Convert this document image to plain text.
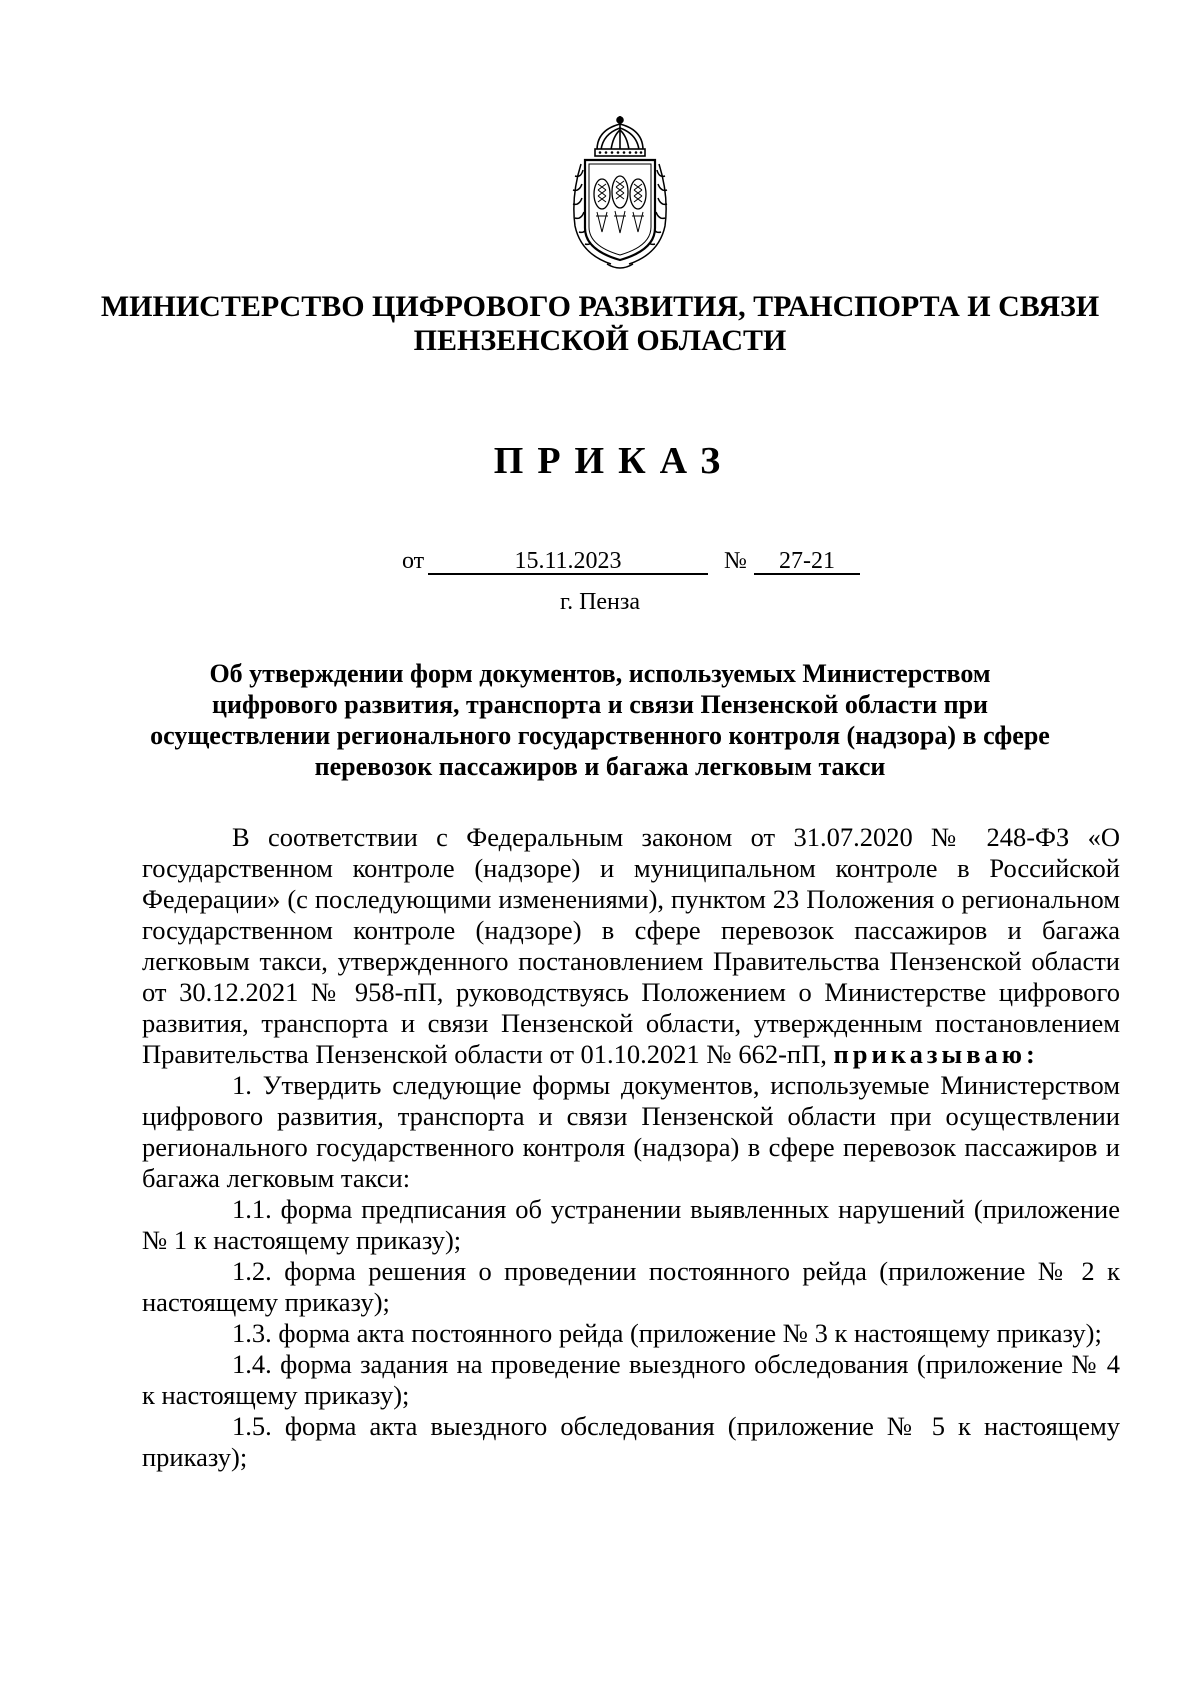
МИНИСТЕРСТВО ЦИФРОВОГО РАЗВИТИЯ, ТРАНСПОРТА И СВЯЗИ
ПЕНЗЕНСКОЙ ОБЛАСТИ
ПРИКАЗ
от	15.11.2023	№	27-21
г. Пенза
Об утверждении форм документов, используемых Министерством цифрового развития, транспорта и связи Пензенской области при осуществлении регионального государственного контроля (надзора) в сфере перевозок пассажиров и багажа легковым такси

В соответствии с Федеральным законом от 31.07.2020 № 248-ФЗ «О государственном контроле (надзоре) и муниципальном контроле в Российской Федерации» (с последующими изменениями), пунктом 23 Положения о региональном государственном контроле (надзоре) в сфере перевозок пассажиров и багажа легковым такси, утвержденного постановлением Правительства Пензенской области от 30.12.2021 № 958-пП, руководствуясь Положением о Министерстве цифрового развития, транспорта и связи Пензенской области, утвержденным постановлением Правительства Пензенской области от 01.10.2021 № 662-пП, приказываю:

1. Утвердить следующие формы документов, используемые Министерством цифрового развития, транспорта и связи Пензенской области при осуществлении регионального государственного контроля (надзора) в сфере перевозок пассажиров и багажа легковым такси:

1.1. форма предписания об устранении выявленных нарушений (приложение № 1 к настоящему приказу);

1.2. форма решения о проведении постоянного рейда (приложение № 2 к настоящему приказу);

1.3. форма акта постоянного рейда (приложение № 3 к настоящему приказу);

1.4. форма задания на проведение выездного обследования (приложение № 4 к настоящему приказу);

1.5. форма акта выездного обследования (приложение № 5 к настоящему приказу);
